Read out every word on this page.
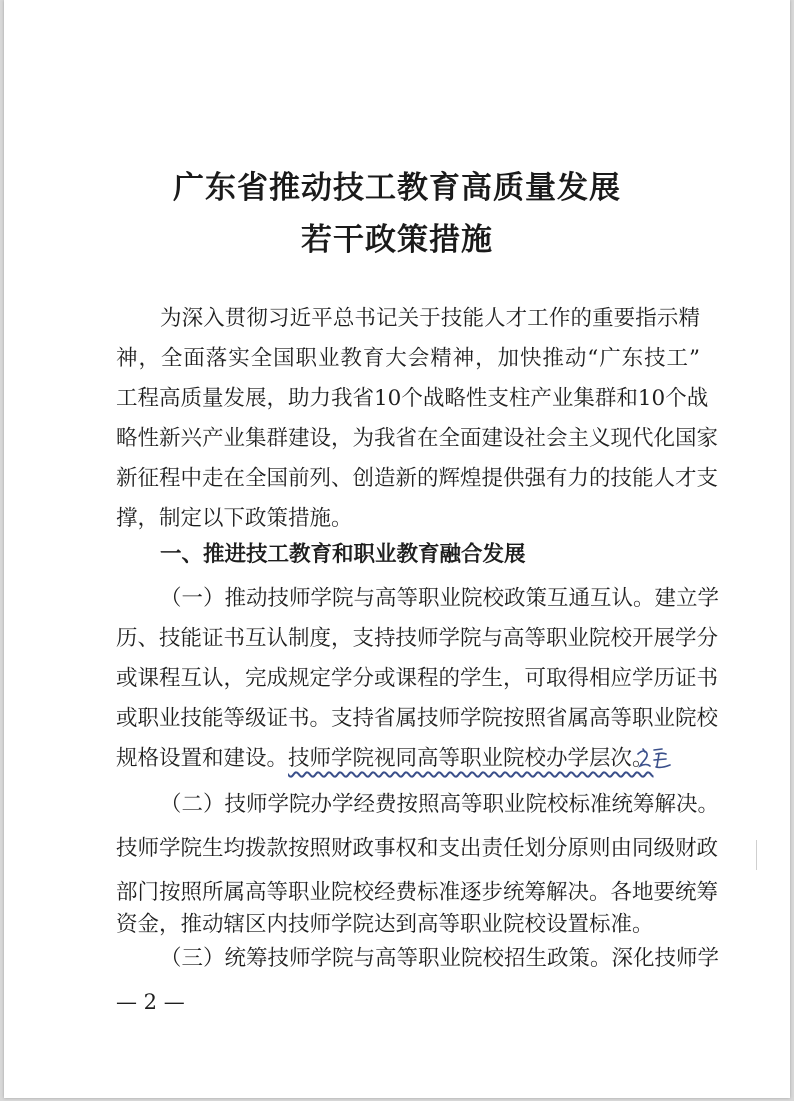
广东省推动技工教育高质量发展
若干政策措施
为深入贯彻习近平总书记关于技能人才工作的重要指示精
神，全面落实全国职业教育大会精神，加快推动“广东技工”
工程高质量发展，助力我省10个战略性支柱产业集群和10个战
略性新兴产业集群建设，为我省在全面建设社会主义现代化国家
新征程中走在全国前列、创造新的辉煌提供强有力的技能人才支
撑，制定以下政策措施。
一、推进技工教育和职业教育融合发展
（一）推动技师学院与高等职业院校政策互通互认。建立学
历、技能证书互认制度，支持技师学院与高等职业院校开展学分
或课程互认，完成规定学分或课程的学生，可取得相应学历证书
或职业技能等级证书。支持省属技师学院按照省属高等职业院校
规格设置和建设。技师学院视同高等职业院校办学层次。
（二）技师学院办学经费按照高等职业院校标准统筹解决。
技师学院生均拨款按照财政事权和支出责任划分原则由同级财政
部门按照所属高等职业院校经费标准逐步统筹解决。各地要统筹
资金，推动辖区内技师学院达到高等职业院校设置标准。
（三）统筹技师学院与高等职业院校招生政策。深化技师学
— 2 —
